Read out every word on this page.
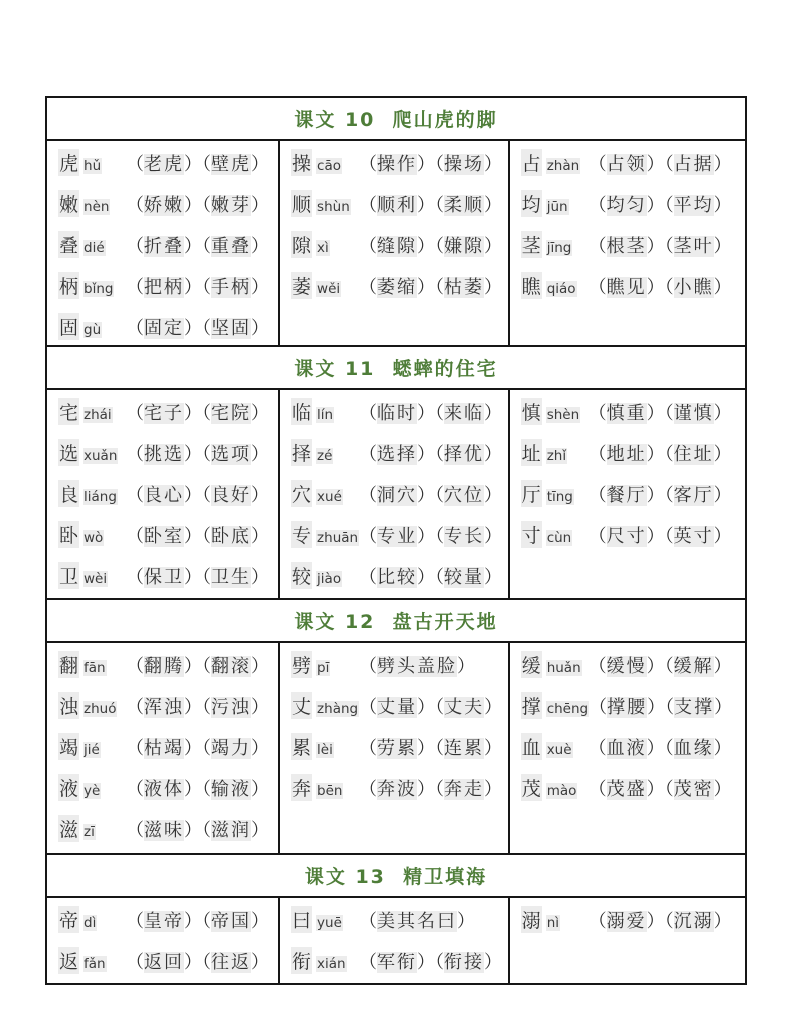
课文 10  爬山虎的脚
虎 hǔ （老虎）（壁虎）
嫩 nèn （娇嫩）（嫩芽）
叠 dié （折叠）（重叠）
柄 bǐng （把柄）（手柄）
固 gù （固定）（坚固）
操 cāo （操作）（操场）
顺 shùn （顺利）（柔顺）
隙 xì （缝隙）（嫌隙）
萎 wěi （萎缩）（枯萎）
占 zhàn （占领）（占据）
均 jūn （均匀）（平均）
茎 jīng （根茎）（茎叶）
瞧 qiáo （瞧见）（小瞧）
课文 11  蟋蟀的住宅
宅 zhái （宅子）（宅院）
选 xuǎn （挑选）（选项）
良 liáng （良心）（良好）
卧 wò （卧室）（卧底）
卫 wèi （保卫）（卫生）
临 lín （临时）（来临）
择 zé （选择）（择优）
穴 xué （洞穴）（穴位）
专 zhuān （专业）（专长）
较 jiào （比较）（较量）
慎 shèn （慎重）（谨慎）
址 zhǐ （地址）（住址）
厅 tīng （餐厅）（客厅）
寸 cùn （尺寸）（英寸）
课文 12  盘古开天地
翻 fān （翻腾）（翻滚）
浊 zhuó （浑浊）（污浊）
竭 jié （枯竭）（竭力）
液 yè （液体）（输液）
滋 zī （滋味）（滋润）
劈 pī （劈头盖脸）
丈 zhàng （丈量）（丈夫）
累 lèi （劳累）（连累）
奔 bēn （奔波）（奔走）
缓 huǎn （缓慢）（缓解）
撑 chēng （撑腰）（支撑）
血 xuè （血液）（血缘）
茂 mào （茂盛）（茂密）
课文 13  精卫填海
帝 dì （皇帝）（帝国）
返 fǎn （返回）（往返）
曰 yuē （美其名曰）
衔 xián （军衔）（衔接）
溺 nì （溺爱）（沉溺）
